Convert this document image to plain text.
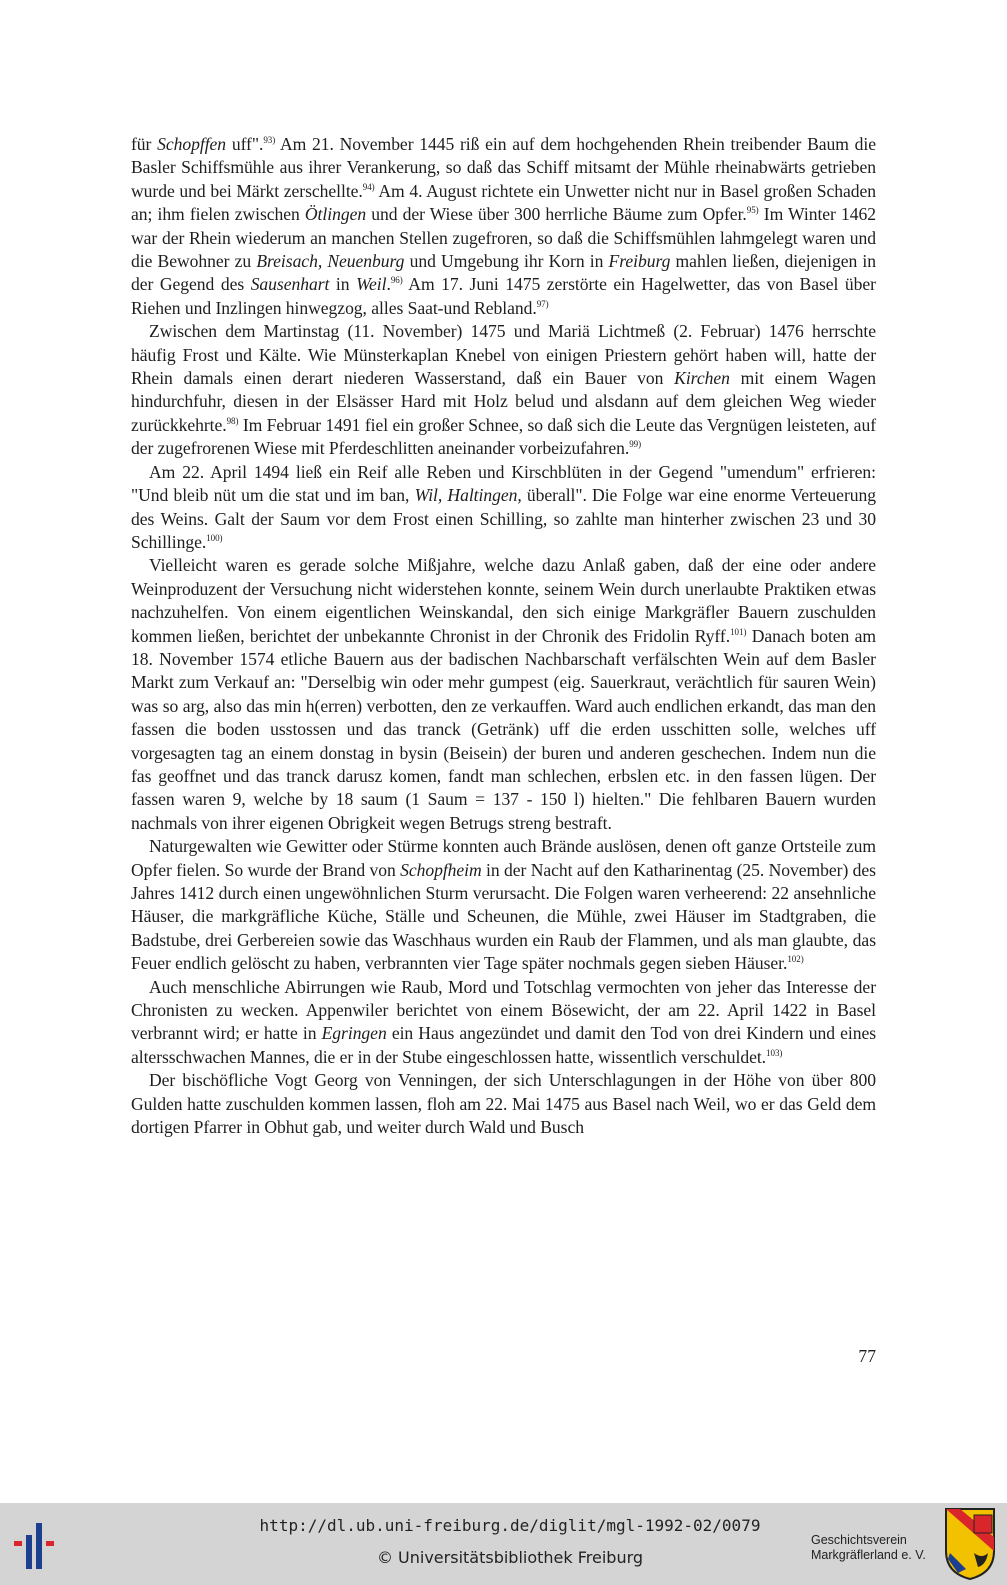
für Schopffen uff".$^{93)}$ Am 21. November 1445 riß ein auf dem hochgehenden Rhein treibender Baum die Basler Schiffsmühle aus ihrer Verankerung, so daß das Schiff mitsamt der Mühle rheinabwärts getrieben wurde und bei Märkt zerschellte.$^{94)}$ Am 4. August richtete ein Unwetter nicht nur in Basel großen Schaden an; ihm fielen zwischen Ötlingen und der Wiese über 300 herrliche Bäume zum Opfer.$^{95)}$ Im Winter 1462 war der Rhein wiederum an manchen Stellen zugefroren, so daß die Schiffsmühlen lahmgelegt waren und die Bewohner zu Breisach, Neuenburg und Umgebung ihr Korn in Freiburg mahlen ließen, diejenigen in der Gegend des Sausenhart in Weil.$^{96)}$ Am 17. Juni 1475 zerstörte ein Hagelwetter, das von Basel über Riehen und Inzlingen hinwegzog, alles Saat-und Rebland.$^{97)}$

Zwischen dem Martinstag (11. November) 1475 und Mariä Lichtmeß (2. Februar) 1476 herrschte häufig Frost und Kälte. Wie Münsterkaplan Knebel von einigen Priestern gehört haben will, hatte der Rhein damals einen derart niederen Wasserstand, daß ein Bauer von Kirchen mit einem Wagen hindurchfuhr, diesen in der Elsässer Hard mit Holz belud und alsdann auf dem gleichen Weg wieder zurückkehrte.$^{98)}$ Im Februar 1491 fiel ein großer Schnee, so daß sich die Leute das Vergnügen leisteten, auf der zugefrorenen Wiese mit Pferdeschlitten aneinander vorbeizufahren.$^{99)}$

Am 22. April 1494 ließ ein Reif alle Reben und Kirschblüten in der Gegend "umendum" erfrieren: "Und bleib nüt um die stat und im ban, Wil, Haltingen, überall". Die Folge war eine enorme Verteuerung des Weins. Galt der Saum vor dem Frost einen Schilling, so zahlte man hinterher zwischen 23 und 30 Schillinge.$^{100)}$

Vielleicht waren es gerade solche Mißjahre, welche dazu Anlaß gaben, daß der eine oder andere Weinproduzent der Versuchung nicht widerstehen konnte, seinem Wein durch unerlaubte Praktiken etwas nachzuhelfen. Von einem eigentlichen Weinskandal, den sich einige Markgräfler Bauern zuschulden kommen ließen, berichtet der unbekannte Chronist in der Chronik des Fridolin Ryff.$^{101)}$ Danach boten am 18. November 1574 etliche Bauern aus der badischen Nachbarschaft verfälschten Wein auf dem Basler Markt zum Verkauf an: "Derselbig win oder mehr gumpest (eig. Sauerkraut, verächtlich für sauren Wein) was so arg, also das min h(erren) verbotten, den ze verkauffen. Ward auch endlichen erkandt, das man den fassen die boden usstossen und das tranck (Getränk) uff die erden usschitten solle, welches uff vorgesagten tag an einem donstag in bysin (Beisein) der buren und anderen geschechen. Indem nun die fas geoffnet und das tranck darusz komen, fandt man schlechen, erbslen etc. in den fassen lügen. Der fassen waren 9, welche by 18 saum (1 Saum = 137 - 150 l) hielten." Die fehlbaren Bauern wurden nachmals von ihrer eigenen Obrigkeit wegen Betrugs streng bestraft.

Naturgewalten wie Gewitter oder Stürme konnten auch Brände auslösen, denen oft ganze Ortsteile zum Opfer fielen. So wurde der Brand von Schopfheim in der Nacht auf den Katharinentag (25. November) des Jahres 1412 durch einen ungewöhnlichen Sturm verursacht. Die Folgen waren verheerend: 22 ansehnliche Häuser, die markgräfliche Küche, Ställe und Scheunen, die Mühle, zwei Häuser im Stadtgraben, die Badstube, drei Gerbereien sowie das Waschhaus wurden ein Raub der Flammen, und als man glaubte, das Feuer endlich gelöscht zu haben, verbrannten vier Tage später nochmals gegen sieben Häuser.$^{102)}$

Auch menschliche Abirrungen wie Raub, Mord und Totschlag vermochten von jeher das Interesse der Chronisten zu wecken. Appenwiler berichtet von einem Bösewicht, der am 22. April 1422 in Basel verbrannt wird; er hatte in Egringen ein Haus angezündet und damit den Tod von drei Kindern und eines altersschwachen Mannes, die er in der Stube eingeschlossen hatte, wissentlich verschuldet.$^{103)}$

Der bischöfliche Vogt Georg von Venningen, der sich Unterschlagungen in der Höhe von über 800 Gulden hatte zuschulden kommen lassen, floh am 22. Mai 1475 aus Basel nach Weil, wo er das Geld dem dortigen Pfarrer in Obhut gab, und weiter durch Wald und Busch

77
http://dl.ub.uni-freiburg.de/diglit/mgl-1992-02/0079
© Universitätsbibliothek Freiburg
Geschichtsverein
Markgräflerland e. V.
